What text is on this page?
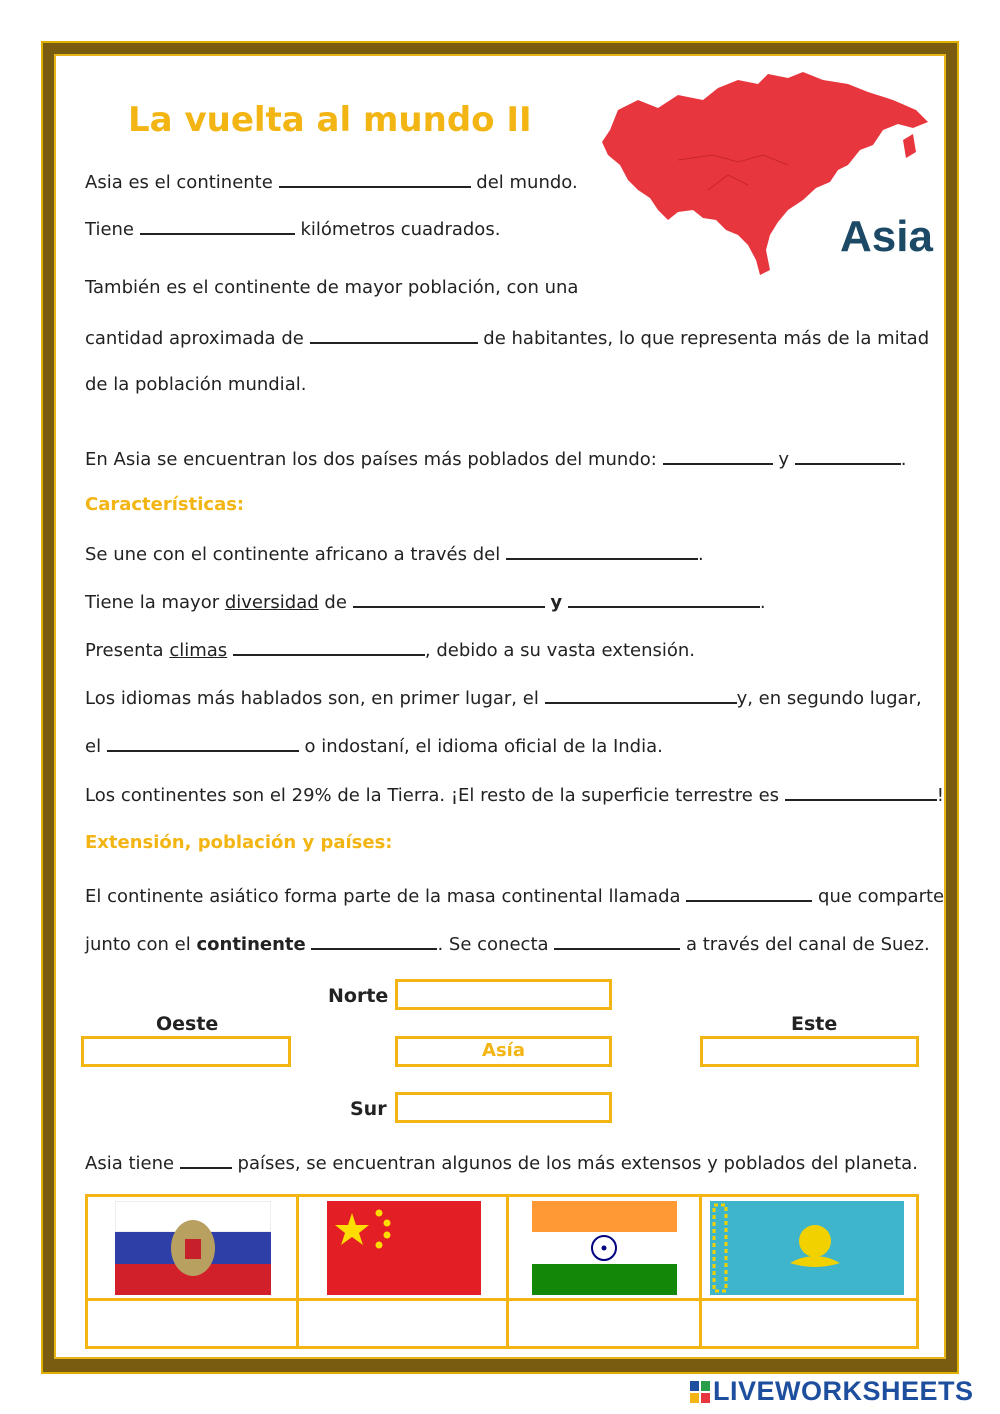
La vuelta al mundo II
Asia
Asia es el continente	del mundo.
Tiene	kilómetros cuadrados.
También es el continente de mayor población, con una
cantidad aproximada de	de habitantes, lo que representa más de la mitad
de la población mundial.
En Asia se encuentran los dos países más poblados del mundo:	y	.
Características:
Se une con el continente africano a través del	.
Tiene la mayor diversidad de	y	.
Presenta climas	, debido a su vasta extensión.
Los idiomas más hablados son, en primer lugar, el	y, en segundo lugar,
el	o indostaní, el idioma oficial de la India.
Los continentes son el 29% de la Tierra. ¡El resto de la superficie terrestre es	!
Extensión, población y países:
El continente asiático forma parte de la masa continental llamada	que comparte
junto con el continente	. Se conecta	a través del canal de Suez.
Norte
Oeste
Asía
Este
Sur
Asia tiene	países, se encuentran algunos de los más extensos y poblados del planeta.

LIVEWORKSHEETS
